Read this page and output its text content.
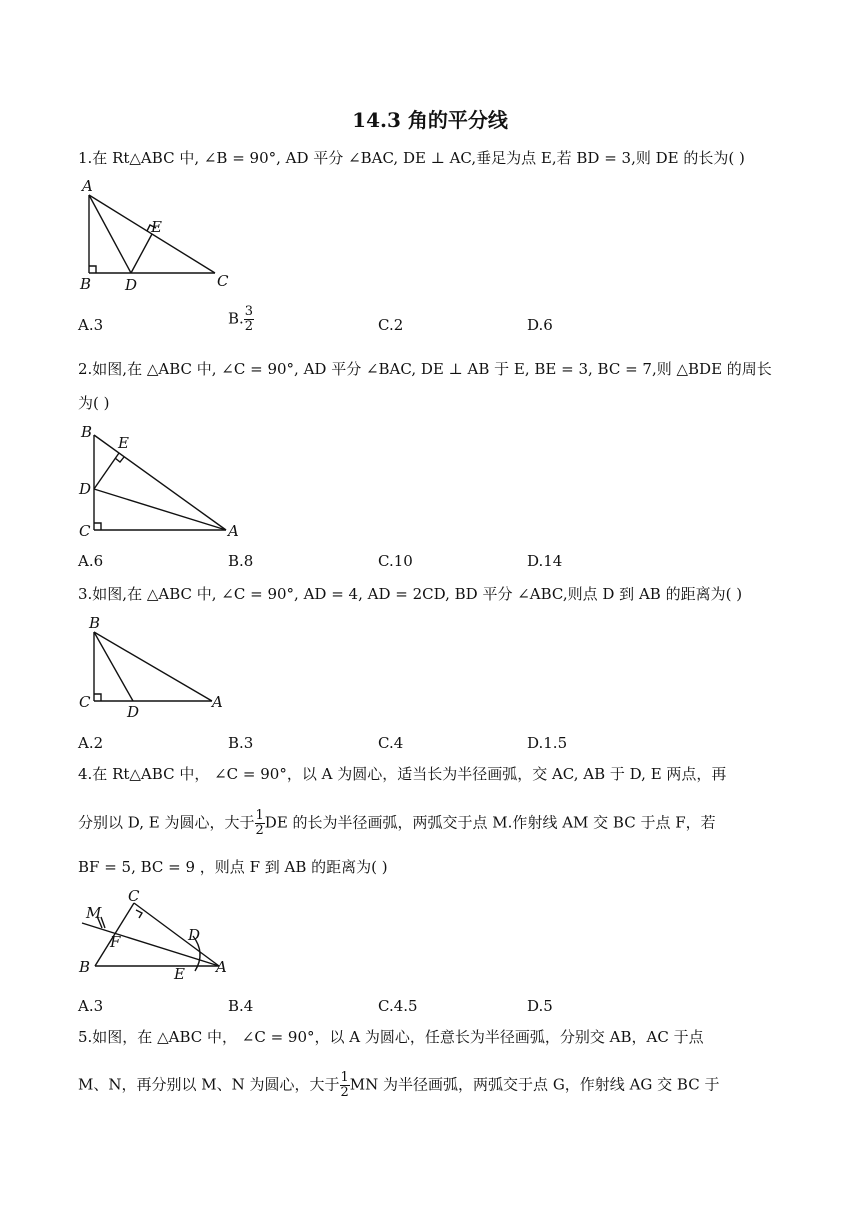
14.3 角的平分线
1.在 Rt△ABC 中, ∠B = 90°, AD 平分 ∠BAC, DE ⊥ AC,垂足为点 E,若 BD = 3,则 DE 的长为( )
A
B	C
D
E
A.3	B. $\frac{3}{2}$	C.2	D.6
2.如图,在 △ABC 中, ∠C = 90°, AD 平分 ∠BAC, DE ⊥ AB 于 E, BE = 3, BC = 7,则 △BDE 的周长
为( )
B
E
D
C	A
A.6	B.8	C.10	D.14
3.如图,在 △ABC 中, ∠C = 90°, AD = 4, AD = 2CD, BD 平分 ∠ABC,则点 D 到 AB 的距离为( )
B
C
D
A
A.2	B.3	C.4	D.1.5
4.在 Rt△ABC 中， ∠C = 90°，以 A 为圆心，适当长为半径画弧，交 AC, AB 于 D, E 两点，再
分别以 D, E 为圆心，大于 $\frac{1}{2}$ DE 的长为半径画弧，两弧交于点 M.作射线 AM 交 BC 于点 F，若
BF = 5, BC = 9 ，则点 F 到 AB 的距离为( )
C
M
F	D
B	E A
A.3	B.4	C.4.5	D.5
5.如图，在 △ABC 中， ∠C = 90°，以 A 为圆心，任意长为半径画弧，分别交 AB，AC 于点
M、N，再分别以 M、N 为圆心，大于 $\frac{1}{2}$ MN 为半径画弧，两弧交于点 G，作射线 AG 交 BC 于
